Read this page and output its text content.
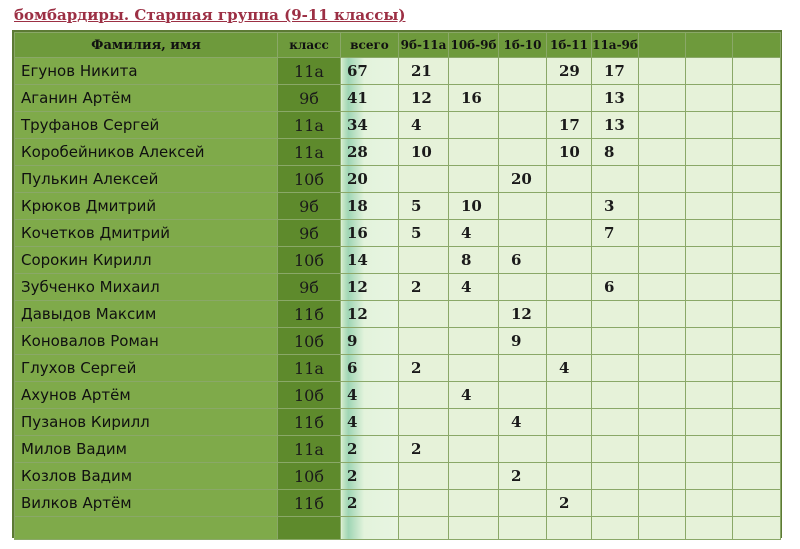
бомбардиры. Старшая группа (9-11 классы)
Фамилия, имя	класс	всего	9б-11а	10б-9б	1б-10	1б-11	11а-9б			
Егунов Никита	11а	67	21			29	17			
Аганин Артём	9б	41	12	16			13			
Труфанов Сергей	11а	34	4			17	13			
Коробейников Алексей	11а	28	10			10	8			
Пулькин Алексей	10б	20			20					
Крюков Дмитрий	9б	18	5	10			3			
Кочетков Дмитрий	9б	16	5	4			7			
Сорокин Кирилл	10б	14		8	6					
Зубченко Михаил	9б	12	2	4			6			
Давыдов Максим	11б	12			12					
Коновалов Роман	10б	9			9					
Глухов Сергей	11а	6	2			4				
Ахунов Артём	10б	4		4						
Пузанов Кирилл	11б	4			4					
Милов Вадим	11а	2	2							
Козлов Вадим	10б	2			2					
Вилков Артём	11б	2				2				
